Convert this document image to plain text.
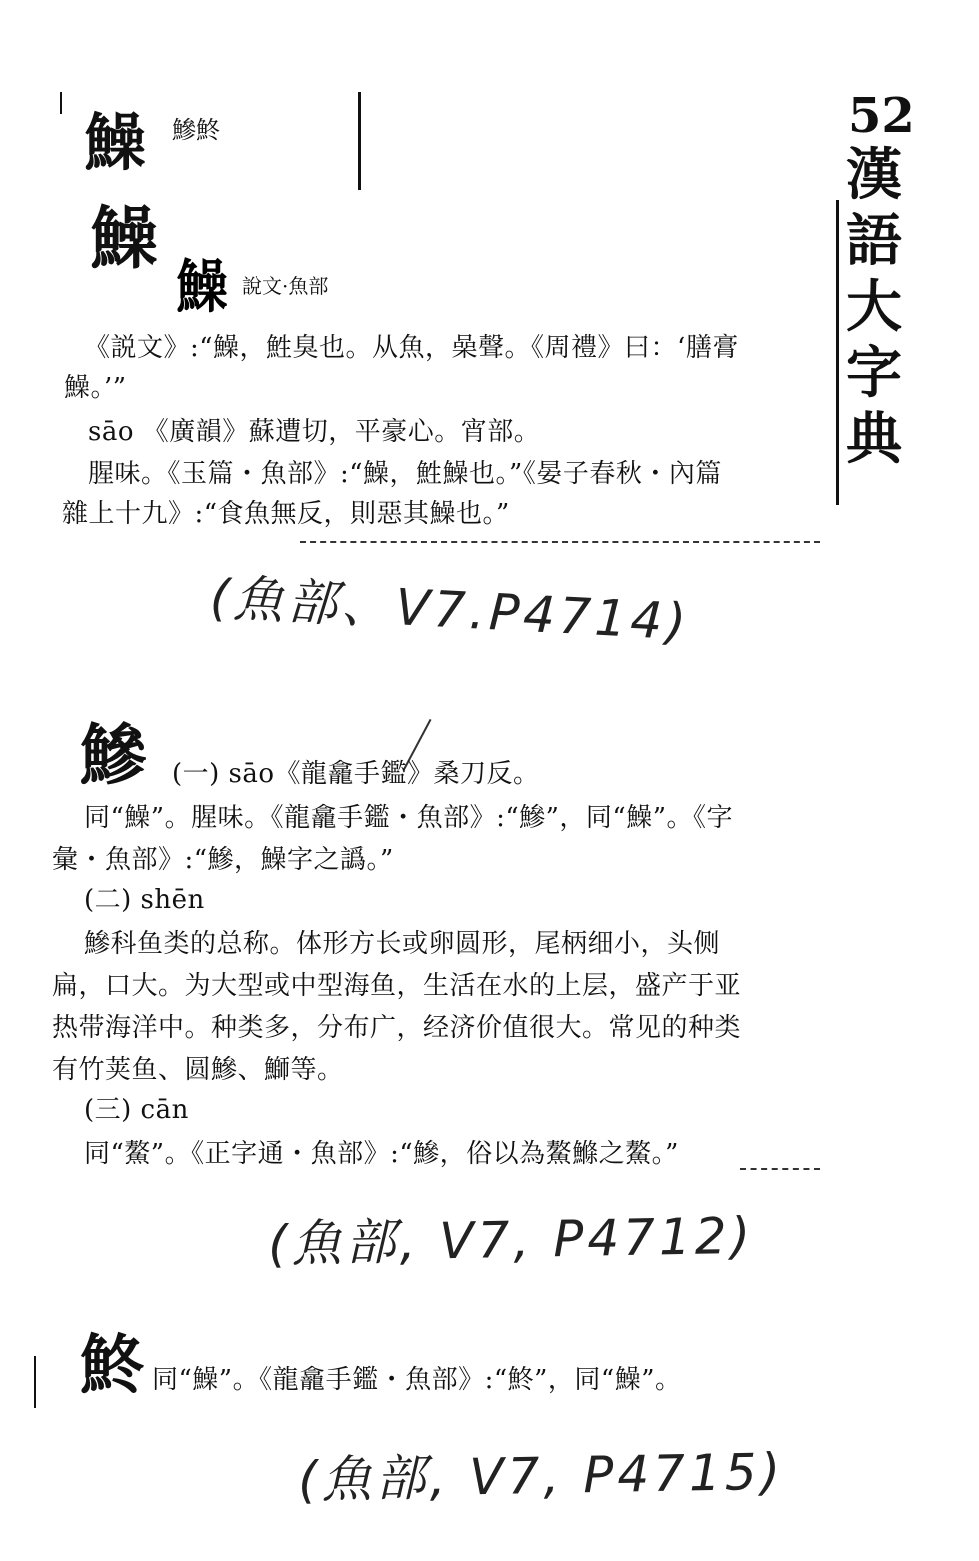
52
漢
語
大
字
典
鱢 鰺鮗
鱢
鱢 說文·魚部
《説文》:“鱢，鮏臭也。从魚，喿聲。《周禮》曰：‘膳膏
鱢。’”
sāo 《廣韻》蘇遭切，平豪心。宵部。
腥味。《玉篇・魚部》:“鱢，鮏鱢也。”《晏子春秋・內篇
雜上十九》:“食魚無反，則惡其鱢也。”
(魚部、V7.P4714)
鰺 (一) sāo《龍龕手鑑》桑刀反。
同“鱢”。腥味。《龍龕手鑑・魚部》:“鰺”，同“鱢”。《字
彙・魚部》:“鰺，鱢字之譌。”
(二) shēn
鰺科鱼类的总称。体形方长或卵圆形，尾柄细小，头侧
扁，口大。为大型或中型海鱼，生活在水的上层，盛产于亚
热带海洋中。种类多，分布广，经济价值很大。常见的种类
有竹荚鱼、圆鰺、鰤等。
(三) cān
同“鰲”。《正字通・魚部》:“鰺，俗以為鰲鰷之鰲。”
(魚部, V7, P4712)
鮗 同“鱢”。《龍龕手鑑・魚部》:“鮗”，同“鱢”。
(魚部, V7, P4715)
